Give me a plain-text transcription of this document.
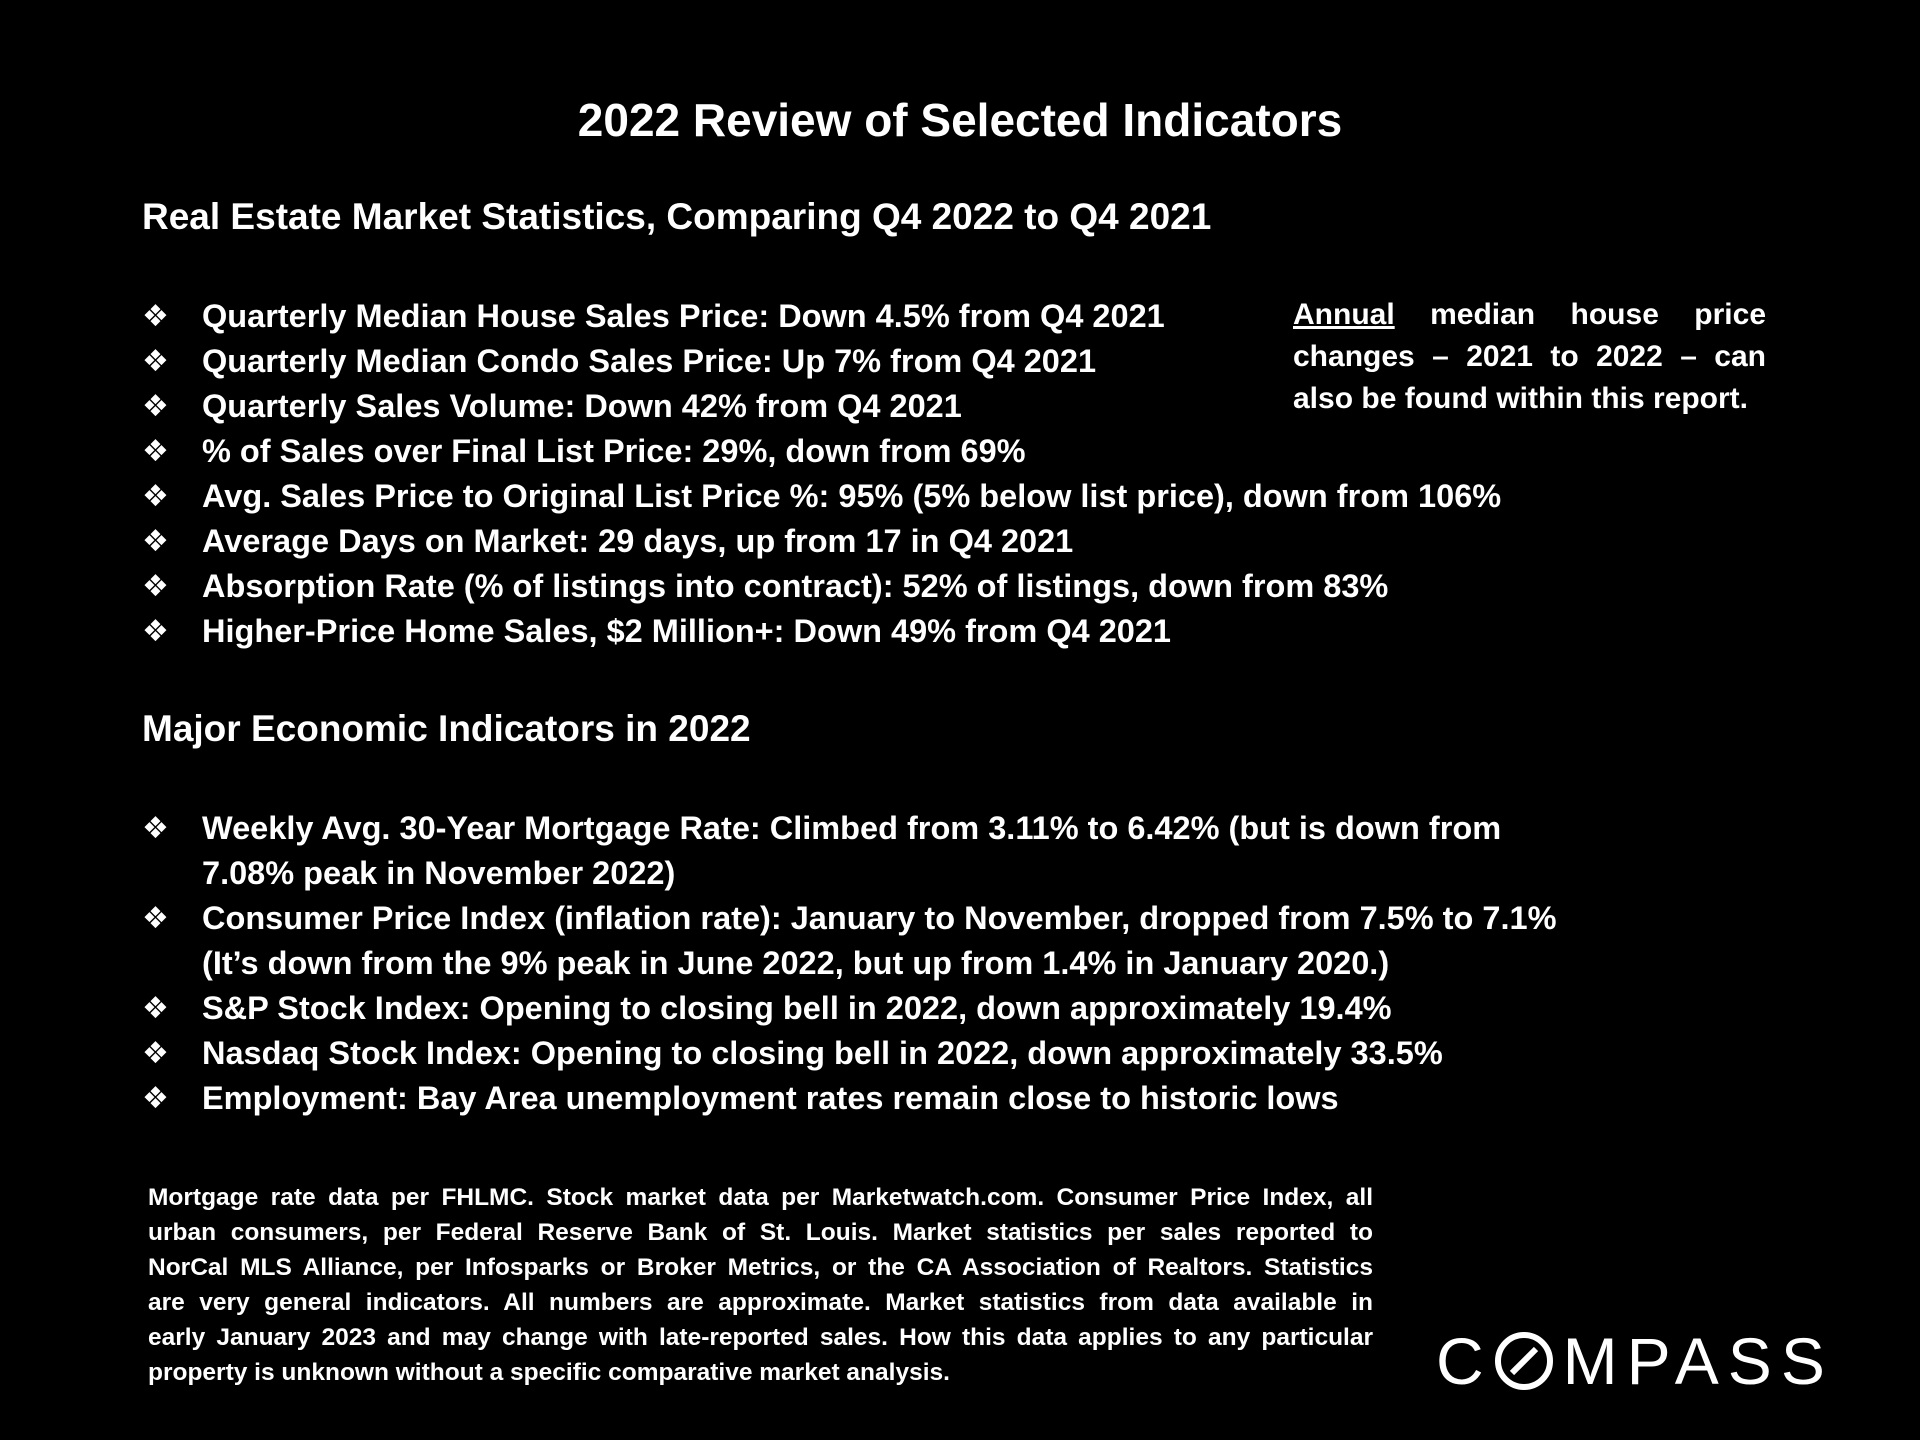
2022 Review of Selected Indicators
Real Estate Market Statistics, Comparing Q4 2022 to Q4 2021
❖ Quarterly Median House Sales Price: Down 4.5% from Q4 2021
❖ Quarterly Median Condo Sales Price: Up 7% from Q4 2021
❖ Quarterly Sales Volume: Down 42% from Q4 2021
❖ % of Sales over Final List Price: 29%, down from 69%
❖ Avg. Sales Price to Original List Price %: 95% (5% below list price), down from 106%
❖ Average Days on Market: 29 days, up from 17 in Q4 2021
❖ Absorption Rate (% of listings into contract): 52% of listings, down from 83%
❖ Higher-Price Home Sales, $2 Million+: Down 49% from Q4 2021
Annual median house price
changes – 2021 to 2022 – can
also be found within this report.
Major Economic Indicators in 2022
❖ Weekly Avg. 30-Year Mortgage Rate: Climbed from 3.11% to 6.42% (but is down from
7.08% peak in November 2022)
❖ Consumer Price Index (inflation rate): January to November, dropped from 7.5% to 7.1%
(It’s down from the 9% peak in June 2022, but up from 1.4% in January 2020.)
❖ S&P Stock Index: Opening to closing bell in 2022, down approximately 19.4%
❖ Nasdaq Stock Index: Opening to closing bell in 2022, down approximately 33.5%
❖ Employment: Bay Area unemployment rates remain close to historic lows
Mortgage rate data per FHLMC. Stock market data per Marketwatch.com. Consumer Price Index, all
urban consumers, per Federal Reserve Bank of St. Louis. Market statistics per sales reported to
NorCal MLS Alliance, per Infosparks or Broker Metrics, or the CA Association of Realtors. Statistics
are very general indicators. All numbers are approximate. Market statistics from data available in
early January 2023 and may change with late-reported sales. How this data applies to any particular
property is unknown without a specific comparative market analysis.	C MPASS
